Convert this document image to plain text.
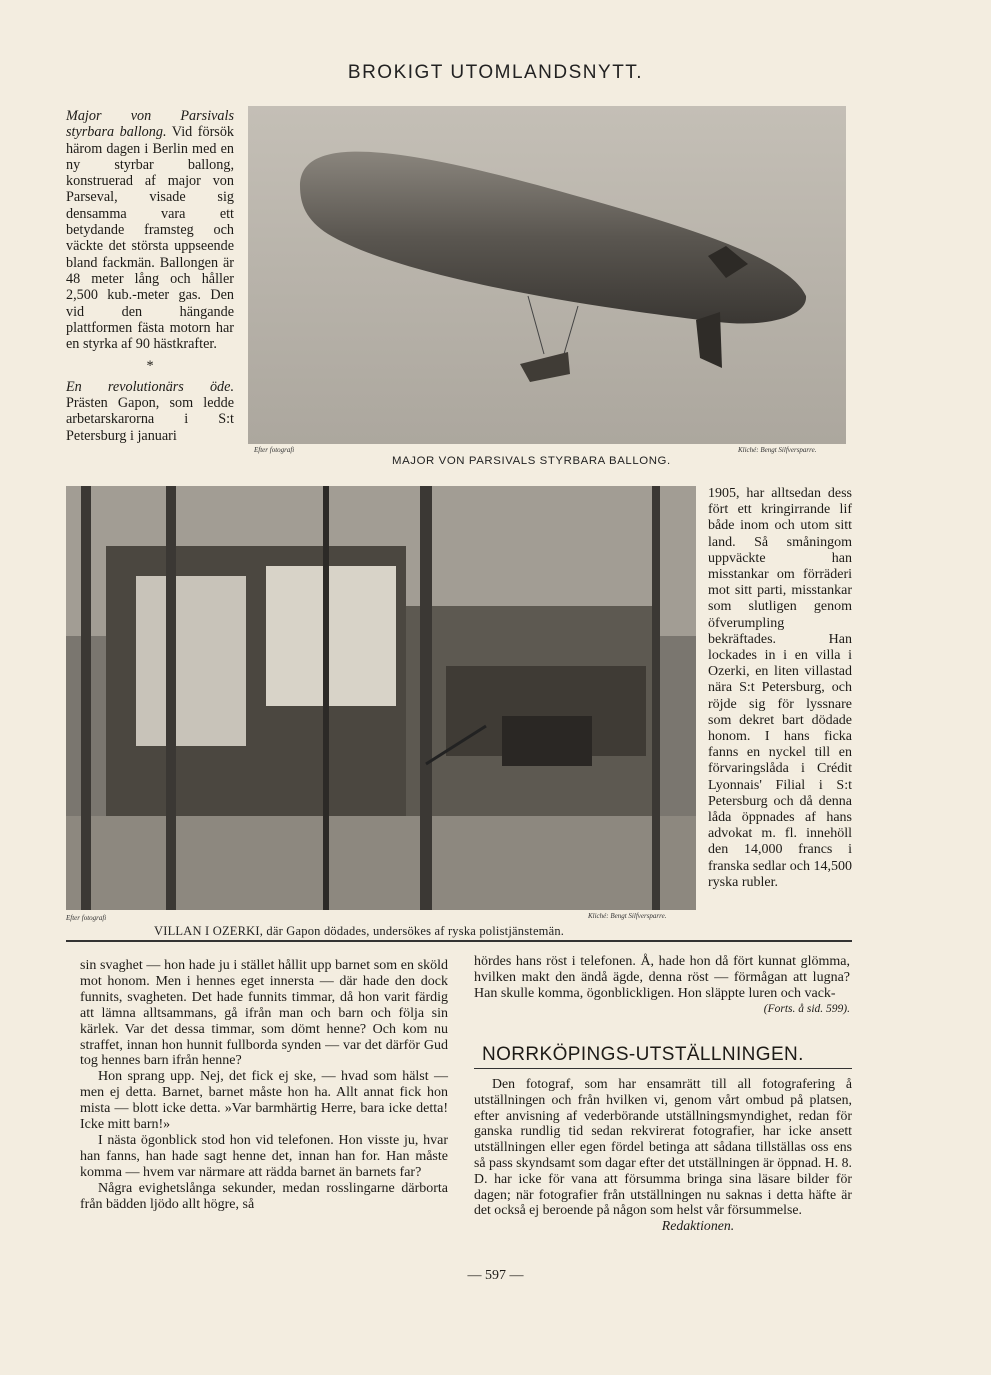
BROKIGT UTOMLANDSNYTT.

Major von Parsivals styrbara ballong. Vid försök härom dagen i Berlin med en ny styrbar ballong, konstruerad af major von Parseval, visade sig densamma vara ett betydande framsteg och väckte det största uppseende bland fackmän. Ballongen är 48 meter lång och håller 2,500 kub.-meter gas. Den vid den hängande plattformen fästa motorn har en styrka af 90 hästkrafter.

*

En revolutionärs öde. Prästen Gapon, som ledde arbetarskarorna i S:t Petersburg i januari

Efter fotografi	Kliché: Bengt Silfversparre.
MAJOR VON PARSIVALS STYRBARA BALLONG.
Efter fotografi	Kliché: Bengt Silfversparre.
VILLAN I OZERKI, där Gapon dödades, undersökes af ryska polistjänstemän.
1905, har alltsedan dess fört ett kringirrande lif både inom och utom sitt land. Så småningom uppväckte han misstankar om förräderi mot sitt parti, misstankar som slutligen genom öfverumpling bekräftades. Han lockades in i en villa i Ozerki, en liten villastad nära S:t Petersburg, och röjde sig för lyssnare som dekret bart dödade honom. I hans ficka fanns en nyckel till en förvaringslåda i Crédit Lyonnais' Filial i S:t Petersburg och då denna låda öppnades af hans advokat m. fl. innehöll den 14,000 francs i franska sedlar och 14,500 ryska rubler.

sin svaghet — hon hade ju i stället hållit upp barnet som en sköld mot honom. Men i hennes eget innersta — där hade den dock funnits, svagheten. Det hade funnits timmar, då hon varit färdig att lämna alltsammans, gå ifrån man och barn och följa sin kärlek. Var det dessa timmar, som dömt henne? Och kom nu straffet, innan hon hunnit fullborda synden — var det därför Gud tog hennes barn ifrån henne?

Hon sprang upp. Nej, det fick ej ske, — hvad som hälst — men ej detta. Barnet, barnet måste hon ha. Allt annat fick hon mista — blott icke detta. »Var barmhärtig Herre, bara icke detta! Icke mitt barn!»

I nästa ögonblick stod hon vid telefonen. Hon visste ju, hvar han fanns, han hade sagt henne det, innan han for. Han måste komma — hvem var närmare att rädda barnet än barnets far?

Några evighetslånga sekunder, medan rosslingarne därborta från bädden ljödo allt högre, så

hördes hans röst i telefonen. Å, hade hon då fört kunnat glömma, hvilken makt den ändå ägde, denna röst — förmågan att lugna? Han skulle komma, ögonblickligen. Hon släppte luren och vack-

(Forts. å sid. 599).

NORRKÖPINGS-UTSTÄLLNINGEN.

Den fotograf, som har ensamrätt till all fotografering å utställningen och från hvilken vi, genom vårt ombud på platsen, efter anvisning af vederbörande utställningsmyndighet, redan för ganska rundlig tid sedan rekvirerat fotografier, har icke ansett utställningen eller egen fördel betinga att sådana tillställas oss ens så pass skyndsamt som dagar efter det utställningen är öppnad. H. 8. D. har icke för vana att försumma bringa sina läsare bilder för dagen; när fotografier från utställningen nu saknas i detta häfte är det också ej beroende på någon som helst vår försummelse.

Redaktionen.

— 597 —
